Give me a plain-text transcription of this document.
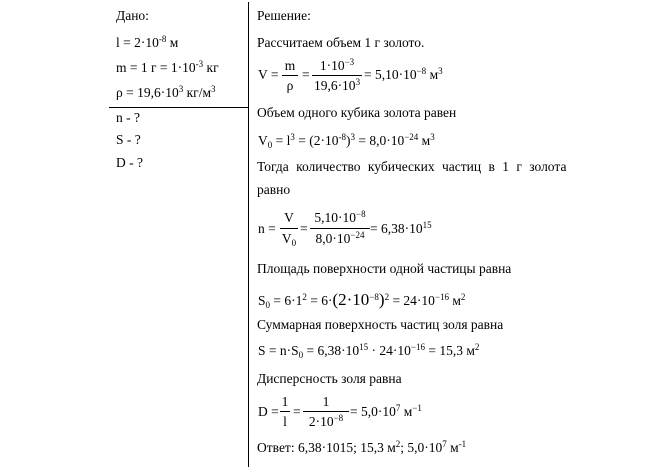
Дано:
$l = 2\cdot 10^{-8}$ м
m = 1 $г = 1\cdot 10^{-3}$ кг
$\rho = 19,6\cdot 10^3$ $кг/м^3$
n - ?
S - ?
D - ?
Решение:
Рассчитаем объем 1 г золото.
V =
m
ρ
=
$1\cdot 10^{-3}$
$19,6\cdot 10^3 = 5,10\cdot 10^{-8}$ $м^3$
Объем одного кубика золота равен
$V_0 = l^3 = (2\cdot 10^{-8})^3 = 8,0\cdot 10^{-24}$ $м^3$
Тогда количество кубических частиц в 1 г золота
равно
n =
V
$V_0$
=
$5,10\cdot 10^{-8}$
$8,0\cdot 10^{-24} = 6,38\cdot 10^{15}$
Площадь поверхности одной частицы равна
$S_0 = 6\cdot 1^2 = 6\cdot(2\cdot 10^{-8})^2 = 24\cdot 10^{-16}$ $м^2$
Суммарная поверхность частиц золя равна
$S = n\cdot S_0 = 6,38\cdot 10^{15} \cdot 24\cdot 10^{-16} = 15,3$ $м^2$
Дисперсность золя равна
D =
1
l
=
1
$2\cdot 10^{-8} = 5,0\cdot 10^7$ $м^{-1}$
Ответ: 6,38·1015; 15,3 $м^2$; $5,0\cdot 10^7$ $м^{-1}$
